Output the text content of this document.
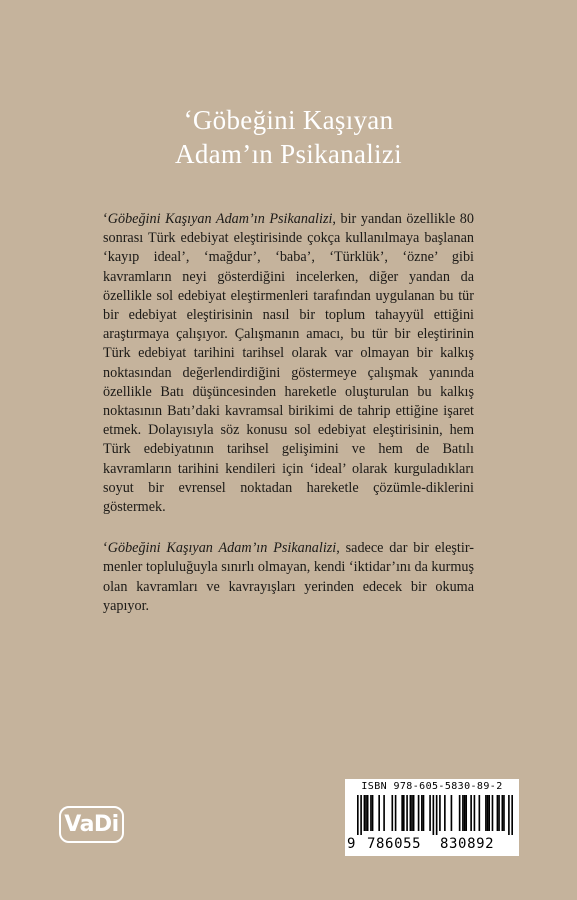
‘Göbeğini Kaşıyan
Adam’ın Psikanalizi

‘Göbeğini Kaşıyan Adam’ın Psikanalizi, bir yandan özellikle 80 sonrası Türk edebiyat eleştirisinde çokça kullanılmaya başlanan ‘kayıp ideal’, ‘mağdur’, ‘baba’, ‘Türklük’, ‘özne’ gibi kavramların neyi gösterdiğini incelerken, diğer yandan da özellikle sol edebiyat eleştirmenleri tarafından uygulanan bu tür bir edebiyat eleştirisinin nasıl bir toplum tahayyül ettiğini araştırmaya çalışıyor. Çalışmanın amacı, bu tür bir eleştirinin Türk edebiyat tarihini tarihsel olarak var olmayan bir kalkış noktasından değerlendirdiğini göstermeye çalışmak yanında özellikle Batı düşüncesinden hareketle oluşturulan bu kalkış noktasının Batı’daki kavramsal birikimi de tahrip ettiğine işaret etmek. Dolayısıyla söz konusu sol edebiyat eleştirisinin, hem Türk edebiyatının tarihsel gelişimini ve hem de Batılı kavramların tarihini kendileri için ‘ideal’ olarak kurguladıkları soyut bir evrensel noktadan hareketle çözümle-diklerini göstermek.

‘Göbeğini Kaşıyan Adam’ın Psikanalizi, sadece dar bir eleştir-menler topluluğuyla sınırlı olmayan, kendi ‘iktidar’ını da kurmuş olan kavramları ve kavrayışları yerinden edecek bir okuma yapıyor.

VaDi
ISBN 978-605-5830-89-2
9 786055 830892
